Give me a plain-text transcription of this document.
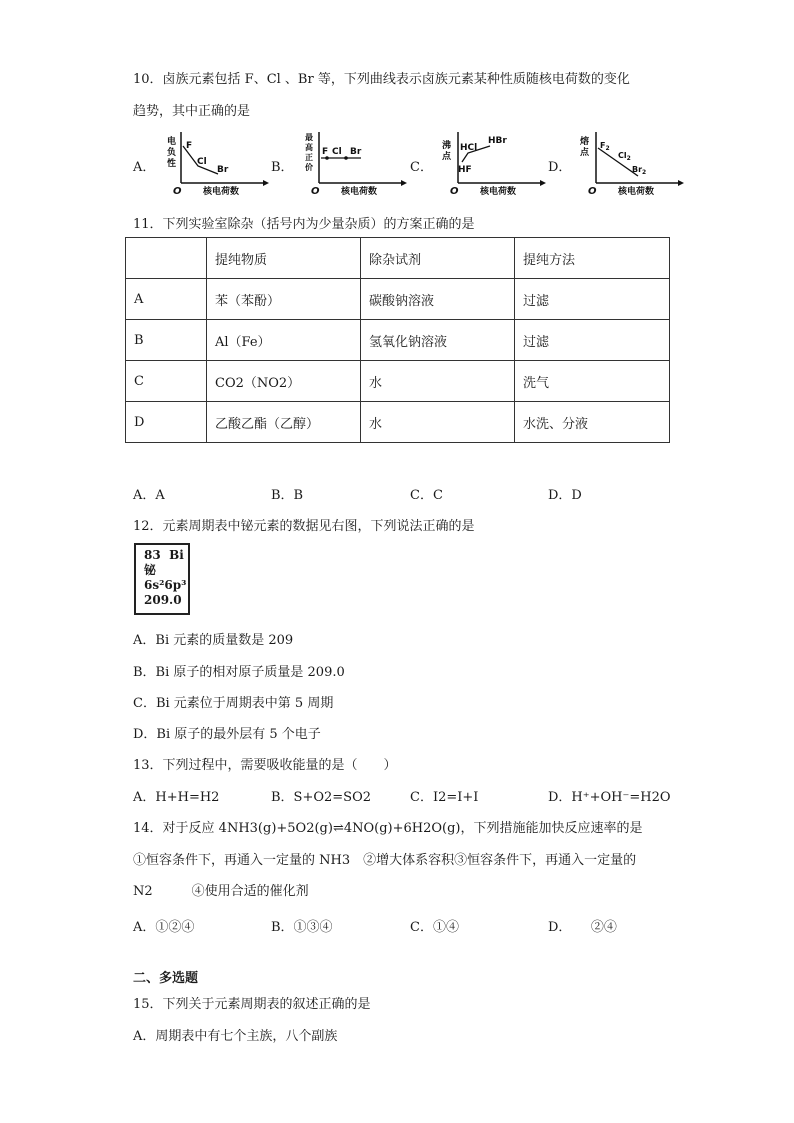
10．卤族元素包括 F、Cl 、Br 等，下列曲线表示卤族元素某种性质随核电荷数的变化
趋势，其中正确的是
A．
电
负
性
O 核电荷数
F
Cl
Br	B．
最
高
正
价
O 核电荷数
F Cl Br
C．
沸
点
O 核电荷数
HF
HCl
HBr
D．
熔
点
O 核电荷数
$F_2$
$Cl_2$
$Br_2$
11．下列实验室除杂（括号内为少量杂质）的方案正确的是
	提纯物质	除杂试剂	提纯方法
A	苯（苯酚）	碳酸钠溶液	过滤
B	Al（Fe）	氢氧化钠溶液	过滤
C	CO2（NO2）	水	洗气
D	乙酸乙酯（乙醇）	水	水洗、分液
A．A	B．B	C．C	D．D
12．元素周期表中铋元素的数据见右图，下列说法正确的是
83 Bi
铋
6s²6p³
209.0
A．Bi 元素的质量数是 209
B．Bi 原子的相对原子质量是 209.0
C．Bi 元素位于周期表中第 5 周期
D．Bi 原子的最外层有 5 个电子
13．下列过程中，需要吸收能量的是（　　）
A．H+H=H2	B．S+O2=SO2	C．I2=I+I	D．H⁺+OH⁻=H2O
14．对于反应 4NH3(g)+5O2(g)⇌4NO(g)+6H2O(g)，下列措施能加快反应速率的是
①恒容条件下，再通入一定量的 NH3　②增大体系容积③恒容条件下，再通入一定量的
N2　　　④使用合适的催化剂
A．①②④	B．①③④	C．①④	D．　　②④
二、多选题
15．下列关于元素周期表的叙述正确的是
A．周期表中有七个主族，八个副族
